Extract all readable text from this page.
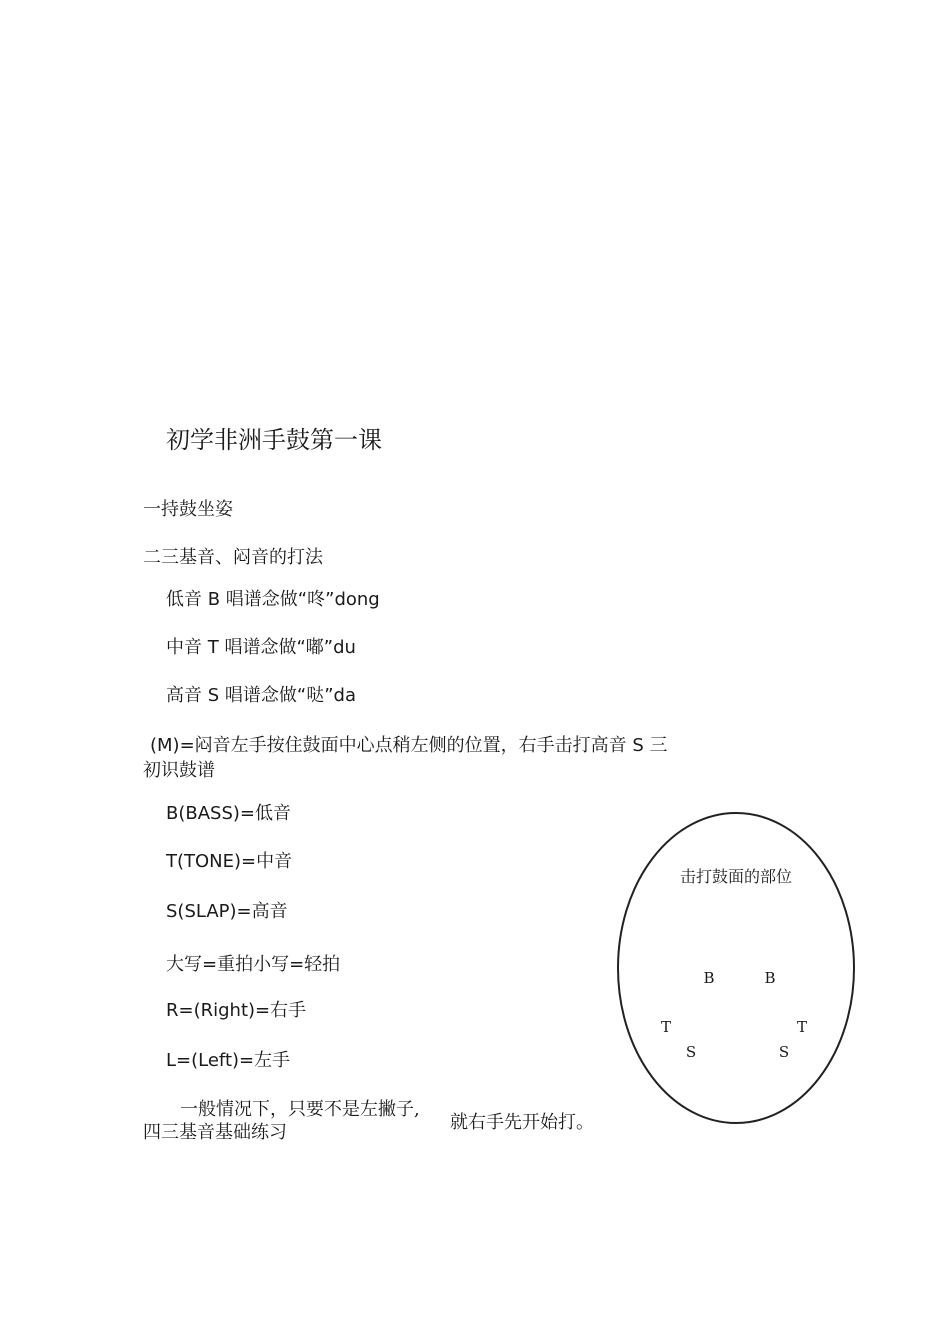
初学非洲手鼓第一课
一持鼓坐姿
二三基音、闷音的打法
低音 B 唱谱念做“咚”dong
中音 T 唱谱念做“嘟”du
高音 S 唱谱念做“哒”da
(M)=闷音左手按住鼓面中心点稍左侧的位置，右手击打高音 S 三
初识鼓谱
B(BASS)=低音
T(TONE)=中音
S(SLAP)=高音
大写=重拍小写=轻拍
R=(Right)=右手
L=(Left)=左手
一般情况下，只要不是左撇子,
就右手先开始打。
四三基音基础练习
击打鼓面的部位
B	B
T	T
S	S
